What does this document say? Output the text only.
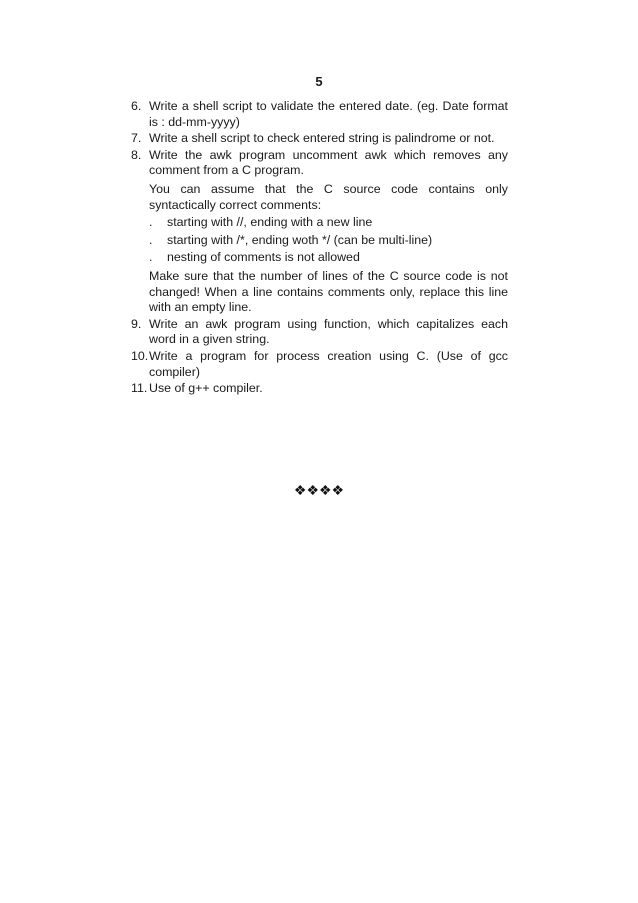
5
6. Write a shell script to validate the entered date. (eg. Date format is : dd-mm-yyyy)
7. Write a shell script to check entered string is palindrome or not.
8. Write the awk program uncomment awk which removes any comment from a C program.
You can assume that the C source code contains only syntactically correct comments:
.	starting with //, ending with a new line
.	starting with /*, ending woth */ (can be multi-line)
.	nesting of comments is not allowed
Make sure that the number of lines of the C source code is not changed! When a line contains comments only, replace this line with an empty line.
9. Write an awk program using function, which capitalizes each word in a given string.
10. Write a program for process creation using C. (Use of gcc compiler)
11. Use of g++ compiler.
❖❖❖❖
